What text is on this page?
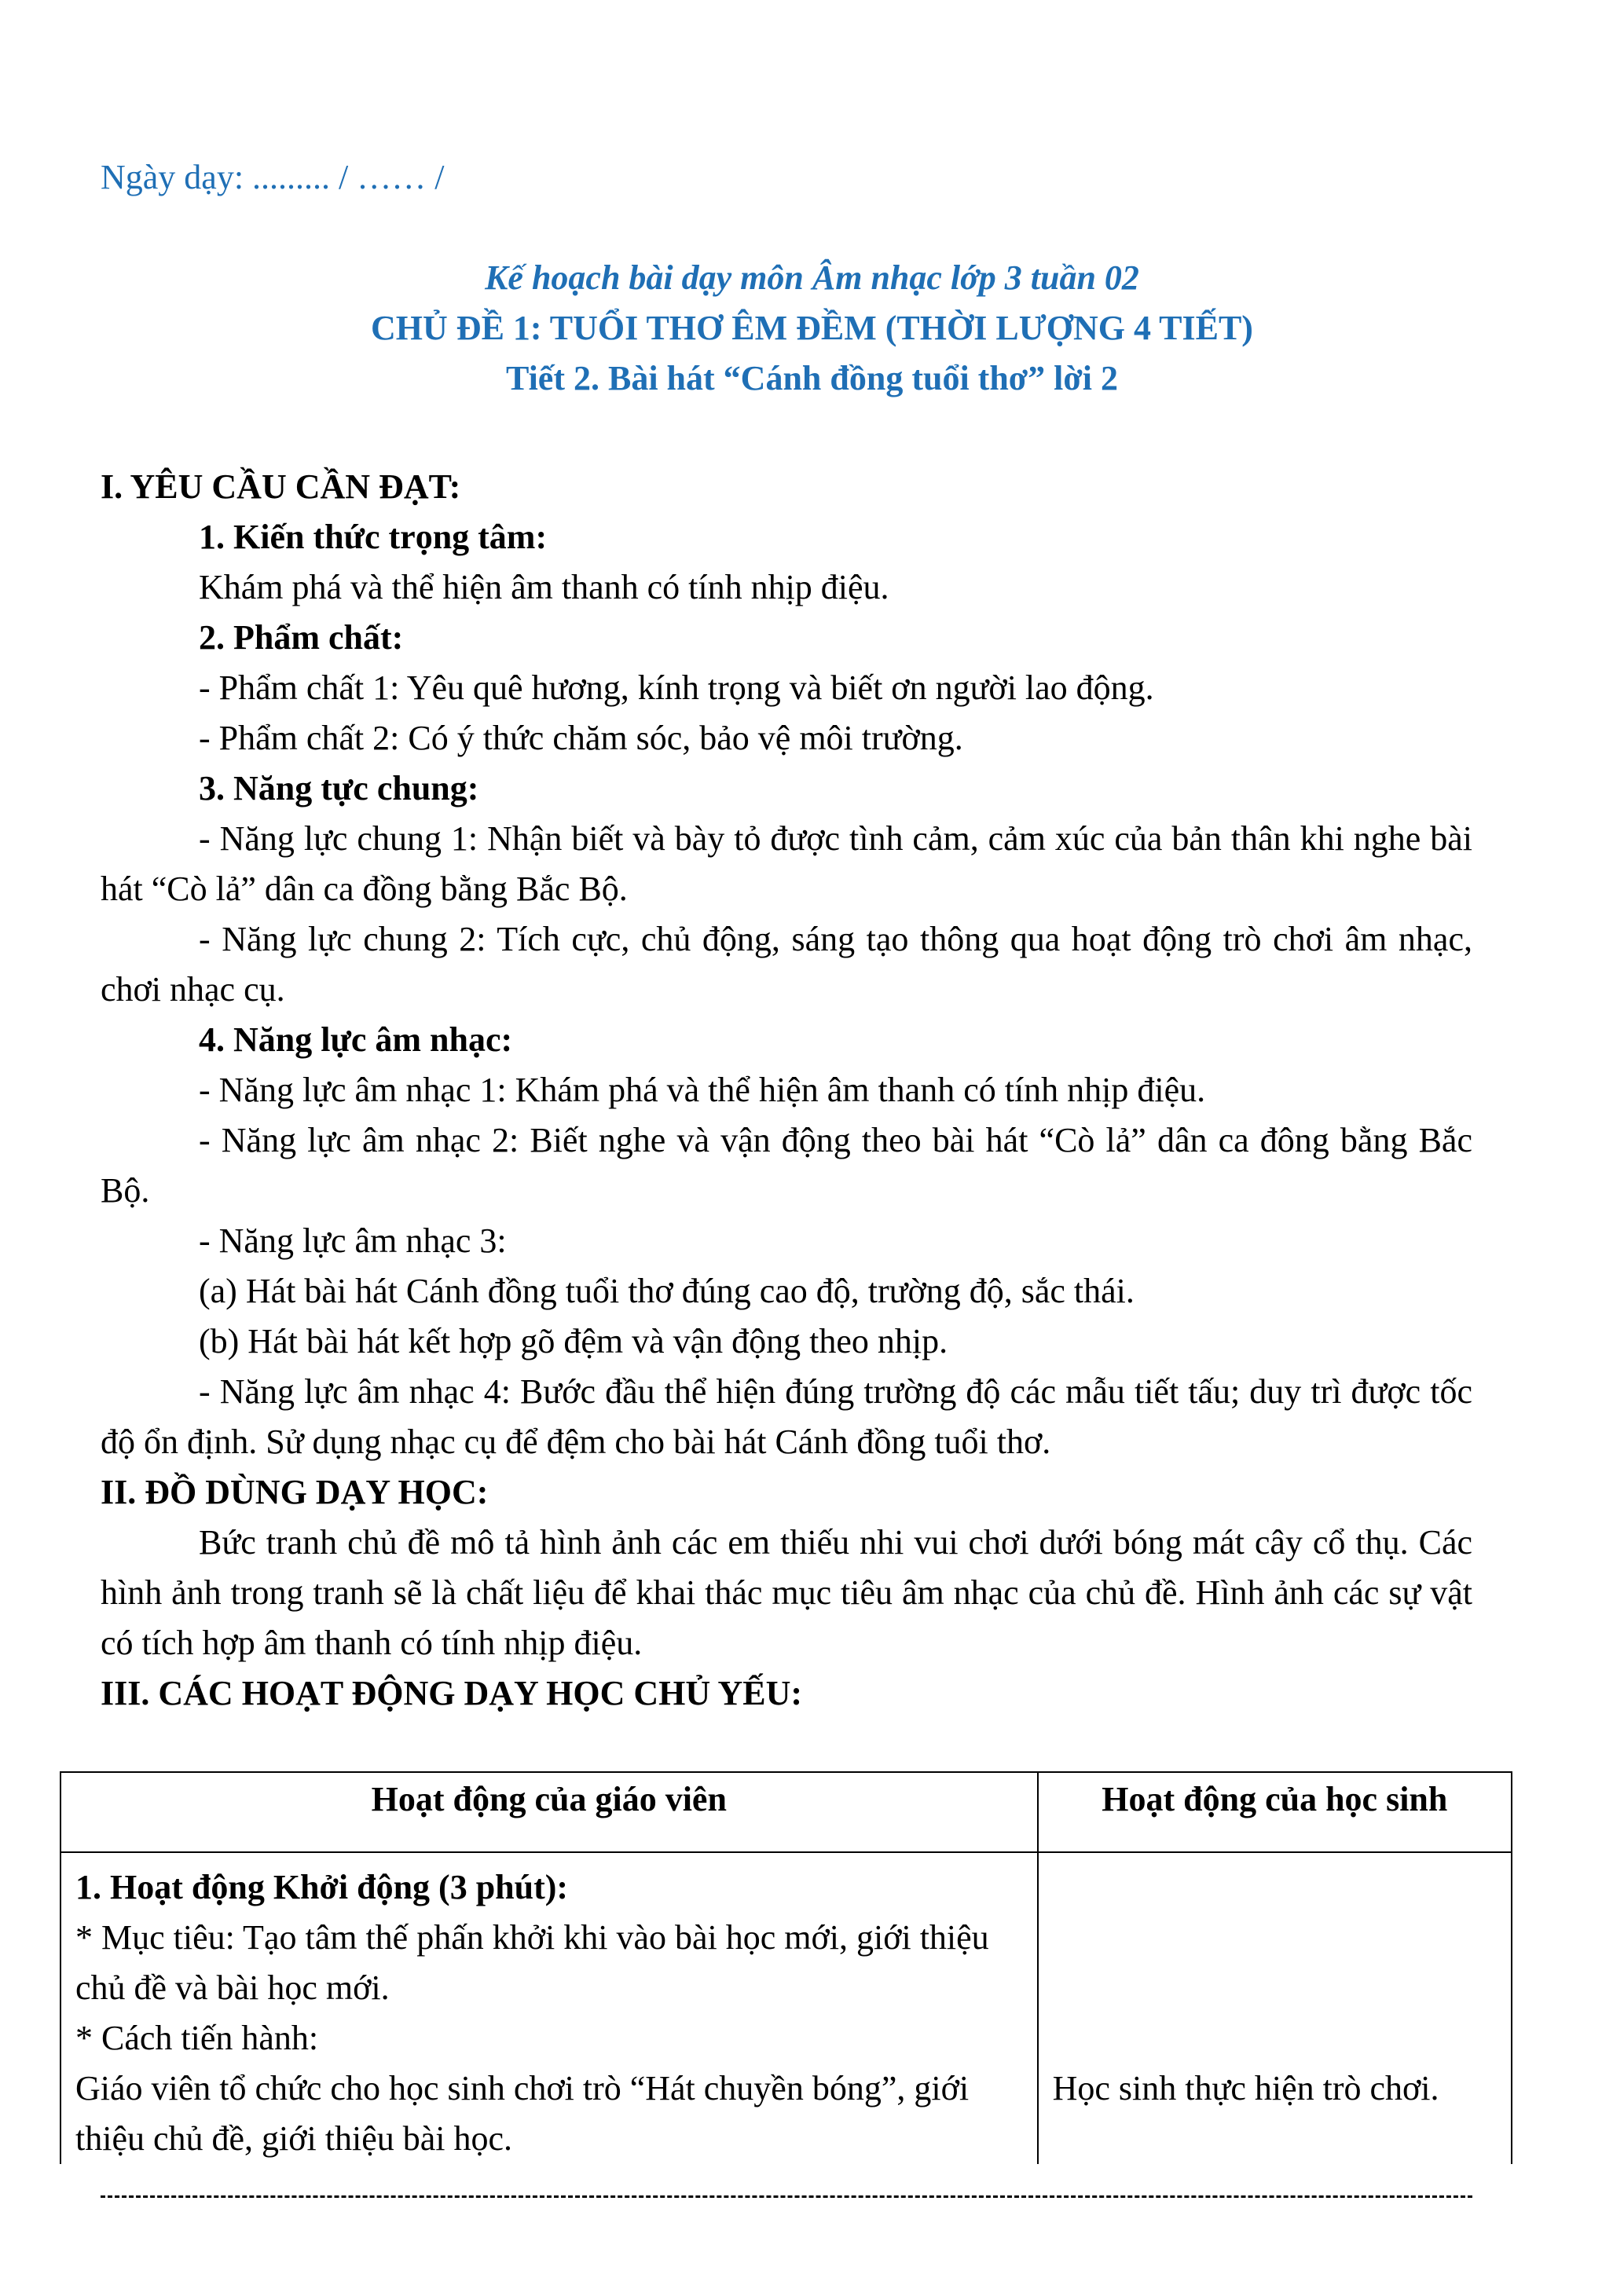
Ngày dạy: ......... / …… /
Kế hoạch bài dạy môn Âm nhạc lớp 3 tuần 02
CHỦ ĐỀ 1: TUỔI THƠ ÊM ĐỀM (THỜI LƯỢNG 4 TIẾT)
Tiết 2. Bài hát “Cánh đồng tuổi thơ” lời 2

I. YÊU CẦU CẦN ĐẠT:

1. Kiến thức trọng tâm:

Khám phá và thể hiện âm thanh có tính nhịp điệu.

2. Phẩm chất:

- Phẩm chất 1: Yêu quê hương, kính trọng và biết ơn người lao động.

- Phẩm chất 2: Có ý thức chăm sóc, bảo vệ môi trường.

3. Năng tực chung:

- Năng lực chung 1: Nhận biết và bày tỏ được tình cảm, cảm xúc của bản thân khi nghe bài hát “Cò lả” dân ca đồng bằng Bắc Bộ.

- Năng lực chung 2: Tích cực, chủ động, sáng tạo thông qua hoạt động trò chơi âm nhạc, chơi nhạc cụ.

4. Năng lực âm nhạc:

- Năng lực âm nhạc 1: Khám phá và thể hiện âm thanh có tính nhịp điệu.

- Năng lực âm nhạc 2: Biết nghe và vận động theo bài hát “Cò lả” dân ca đông bằng Bắc Bộ.

- Năng lực âm nhạc 3:

(a) Hát bài hát Cánh đồng tuổi thơ đúng cao độ, trường độ, sắc thái.

(b) Hát bài hát kết hợp gõ đệm và vận động theo nhịp.

- Năng lực âm nhạc 4: Bước đầu thể hiện đúng trường độ các mẫu tiết tấu; duy trì được tốc độ ổn định. Sử dụng nhạc cụ để đệm cho bài hát Cánh đồng tuổi thơ.

II. ĐỒ DÙNG DẠY HỌC:

Bức tranh chủ đề mô tả hình ảnh các em thiếu nhi vui chơi dưới bóng mát cây cổ thụ. Các hình ảnh trong tranh sẽ là chất liệu để khai thác mục tiêu âm nhạc của chủ đề. Hình ảnh các sự vật có tích hợp âm thanh có tính nhịp điệu.

III. CÁC HOẠT ĐỘNG DẠY HỌC CHỦ YẾU:

Hoạt động của giáo viên	Hoạt động của học sinh

1. Hoạt động Khởi động (3 phút):
* Mục tiêu: Tạo tâm thế phấn khởi khi vào bài học mới, giới thiệu chủ đề và bài học mới.
* Cách tiến hành:
Giáo viên tổ chức cho học sinh chơi trò “Hát chuyền bóng”, giới thiệu chủ đề, giới thiệu bài học.	Học sinh thực hiện trò chơi.
